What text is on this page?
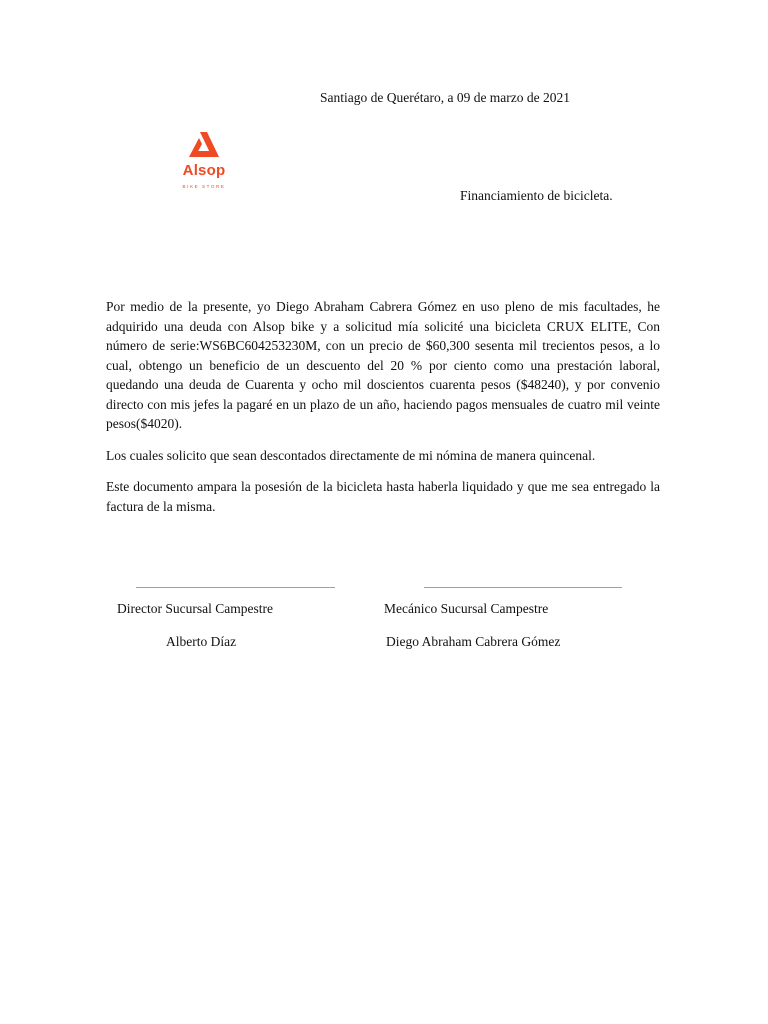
Santiago de Querétaro, a 09 de marzo de 2021
Alsop
BIKE STORE
Financiamiento de bicicleta.

Por medio de la presente, yo Diego Abraham Cabrera Gómez en uso pleno de mis facultades, he adquirido una deuda con Alsop bike y a solicitud mía solicité una bicicleta CRUX ELITE, Con número de serie:WS6BC604253230M, con un precio de $60,300 sesenta mil trecientos pesos, a lo cual, obtengo un beneficio de un descuento del 20 % por ciento como una prestación laboral, quedando una deuda de Cuarenta y ocho mil doscientos cuarenta pesos ($48240), y por convenio directo con mis jefes la pagaré en un plazo de un año, haciendo pagos mensuales de cuatro mil veinte pesos($4020).

Los cuales solicito que sean descontados directamente de mi nómina de manera quincenal.

Este documento ampara la posesión de la bicicleta hasta haberla liquidado y que me sea entregado la factura de la misma.

Director Sucursal Campestre
Alberto Díaz
Mecánico Sucursal Campestre
Diego Abraham Cabrera Gómez
